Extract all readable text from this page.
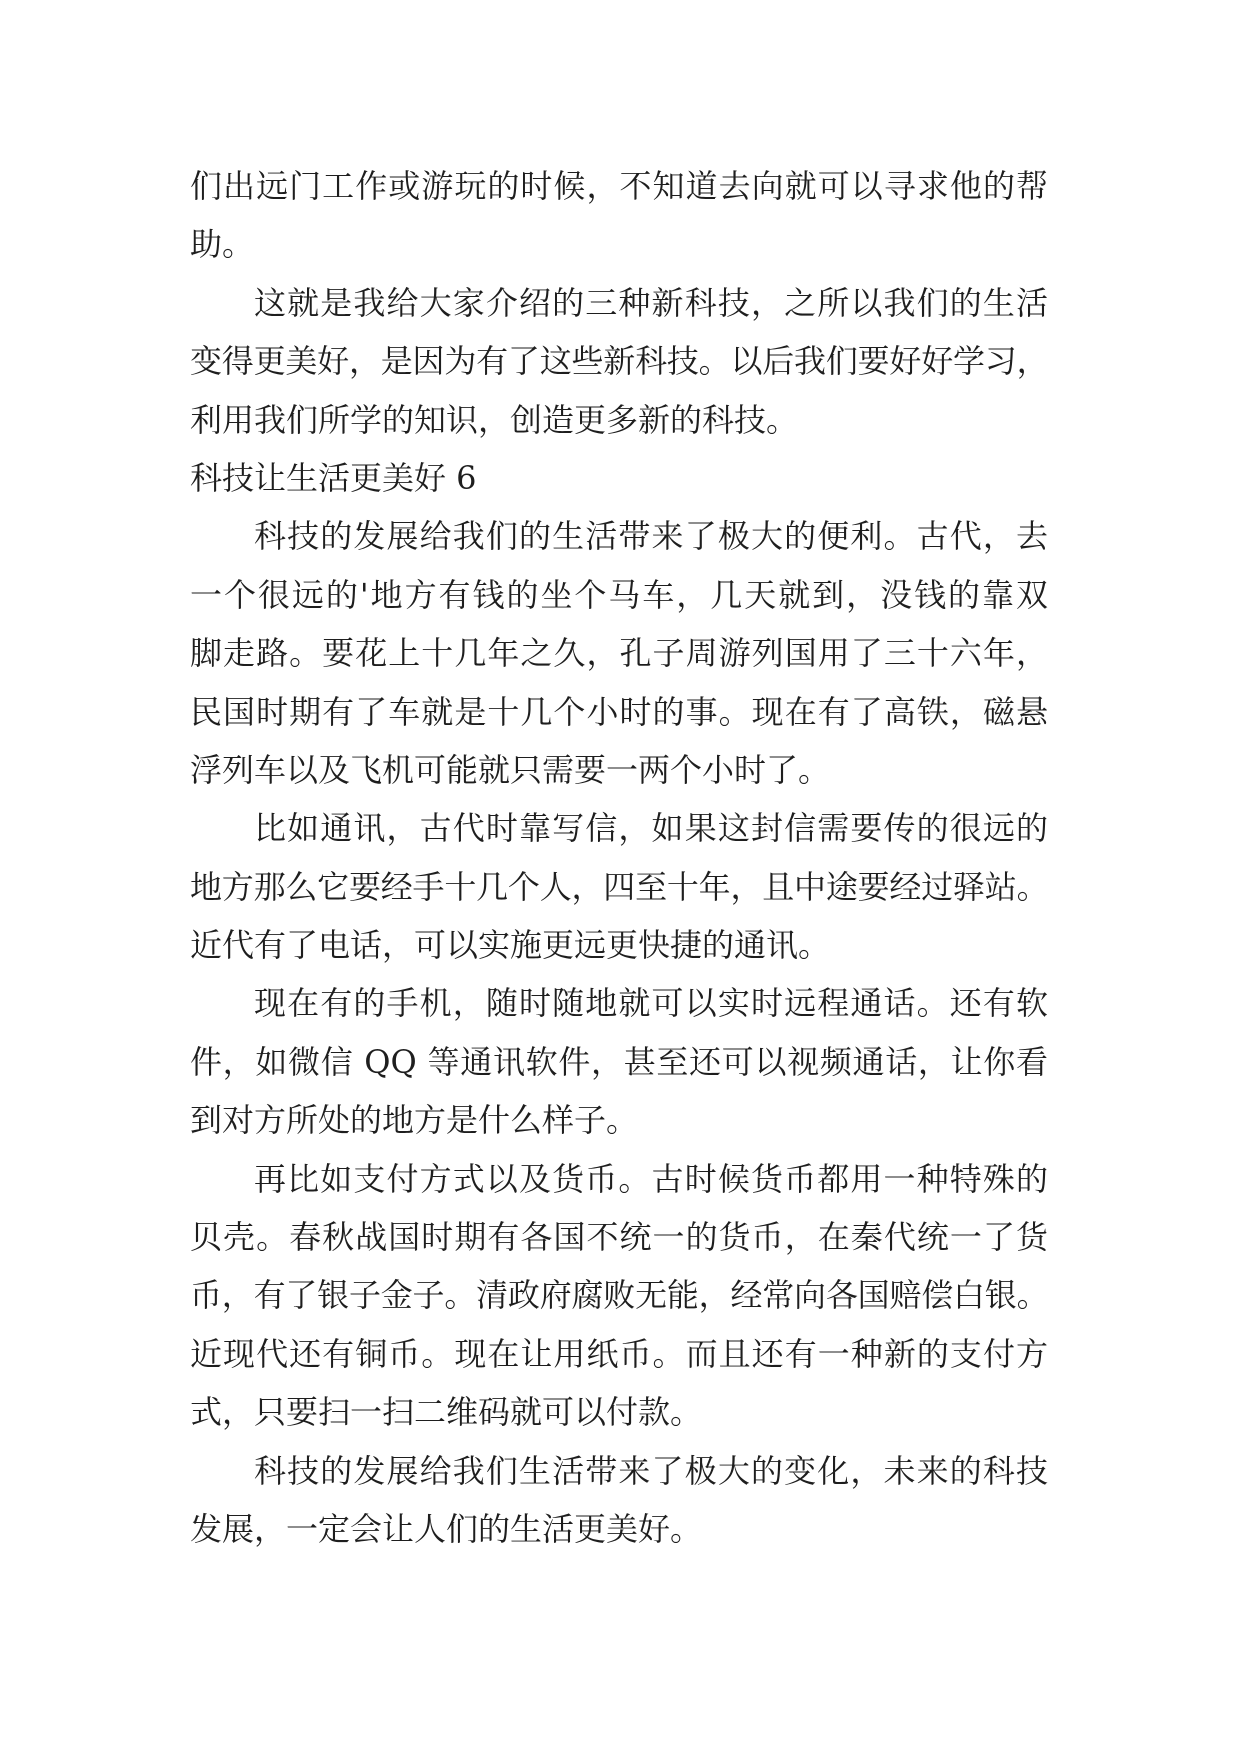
们出远门工作或游玩的时候，不知道去向就可以寻求他的帮
助。
这就是我给大家介绍的三种新科技，之所以我们的生活
变得更美好，是因为有了这些新科技。以后我们要好好学习，
利用我们所学的知识，创造更多新的科技。
科技让生活更美好 6
科技的发展给我们的生活带来了极大的便利。古代，去
一个很远的'地方有钱的坐个马车，几天就到，没钱的靠双
脚走路。要花上十几年之久，孔子周游列国用了三十六年，
民国时期有了车就是十几个小时的事。现在有了高铁，磁悬
浮列车以及飞机可能就只需要一两个小时了。
比如通讯，古代时靠写信，如果这封信需要传的很远的
地方那么它要经手十几个人，四至十年，且中途要经过驿站。
近代有了电话，可以实施更远更快捷的通讯。
现在有的手机，随时随地就可以实时远程通话。还有软
件，如微信 QQ 等通讯软件，甚至还可以视频通话，让你看
到对方所处的地方是什么样子。
再比如支付方式以及货币。古时候货币都用一种特殊的
贝壳。春秋战国时期有各国不统一的货币，在秦代统一了货
币，有了银子金子。清政府腐败无能，经常向各国赔偿白银。
近现代还有铜币。现在让用纸币。而且还有一种新的支付方
式，只要扫一扫二维码就可以付款。
科技的发展给我们生活带来了极大的变化，未来的科技
发展，一定会让人们的生活更美好。
